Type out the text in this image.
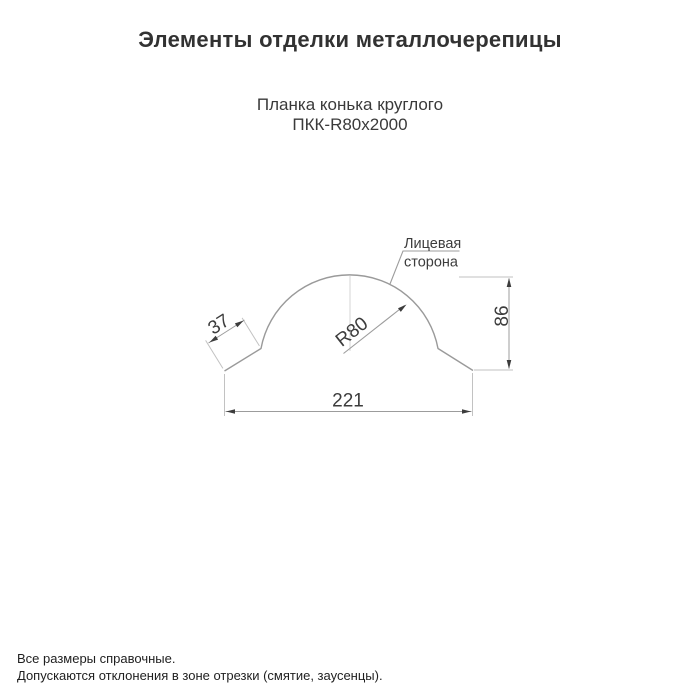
Элементы отделки металлочерепицы
Планка конька круглого
ПКК-R80х2000
R80
Лицевая
сторона
221
86
37
Все размеры справочные.
Допускаются отклонения в зоне отрезки (смятие, заусенцы).
